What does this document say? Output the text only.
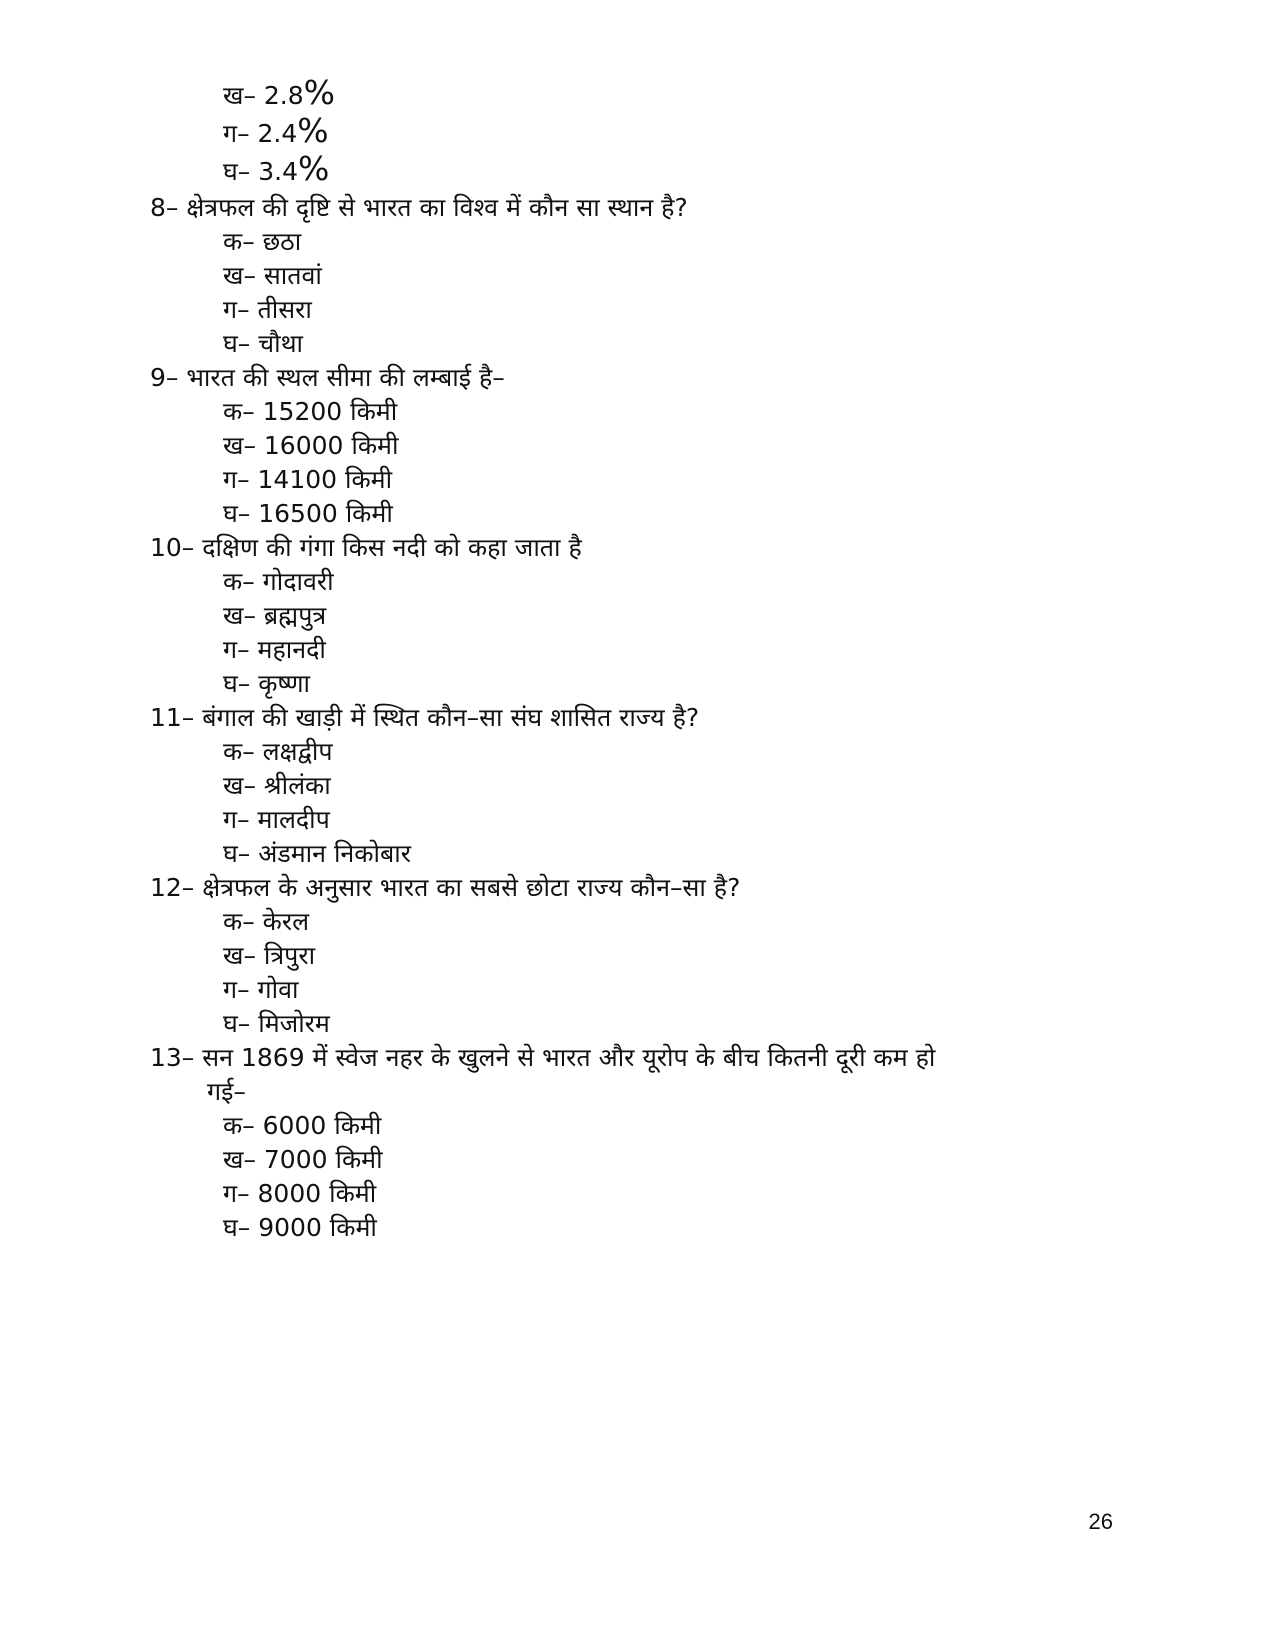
ख– 2.8%
ग– 2.4%
घ– 3.4%
8– क्षेत्रफल की दृष्टि से भारत का विश्व में कौन सा स्थान है?
क– छठा
ख– सातवां
ग– तीसरा
घ– चौथा
9– भारत की स्थल सीमा की लम्बाई है–
क– 15200 किमी
ख– 16000 किमी
ग– 14100 किमी
घ– 16500 किमी
10– दक्षिण की गंगा किस नदी को कहा जाता है
क– गोदावरी
ख– ब्रह्मपुत्र
ग– महानदी
घ– कृष्णा
11– बंगाल की खाड़ी में स्थित कौन–सा संघ शासित राज्य है?
क– लक्षद्वीप
ख– श्रीलंका
ग– मालदीप
घ– अंडमान निकोबार
12– क्षेत्रफल के अनुसार भारत का सबसे छोटा राज्य कौन–सा है?
क– केरल
ख– त्रिपुरा
ग– गोवा
घ– मिजोरम
13– सन 1869 में स्वेज नहर के खुलने से भारत और यूरोप के बीच कितनी दूरी कम हो
गई–
क– 6000 किमी
ख– 7000 किमी
ग– 8000 किमी
घ– 9000 किमी
26
